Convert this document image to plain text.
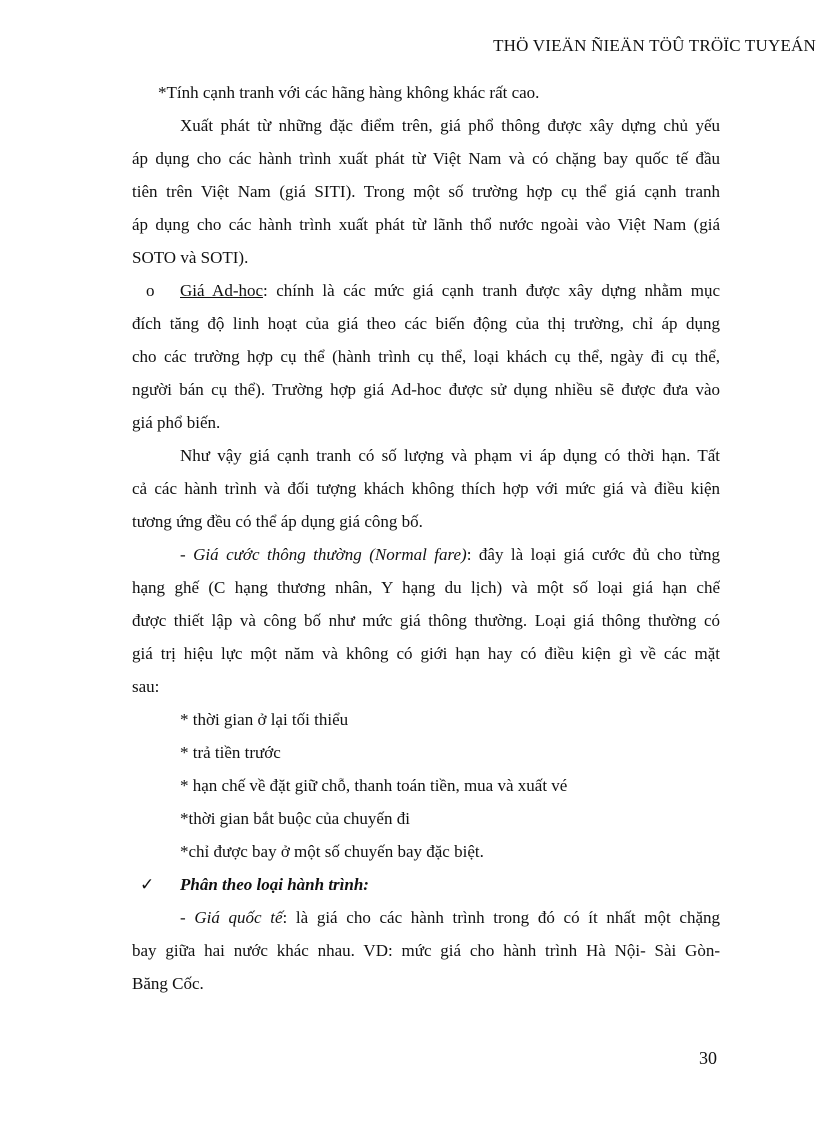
THÖ VIEÄN ÑIEÄN TÖÛ TRÖÏC TUYEÁN
*Tính cạnh tranh với các hãng hàng không khác rất cao.
Xuất phát từ những đặc điểm trên, giá phổ thông được xây dựng chủ yếu
áp dụng cho các hành trình xuất phát từ Việt Nam và có chặng bay quốc tế đầu
tiên trên Việt Nam (giá SITI). Trong một số trường hợp cụ thể giá cạnh tranh
áp dụng cho các hành trình xuất phát từ lãnh thổ nước ngoài vào Việt Nam (giá
SOTO và SOTI).
o Giá Ad-hoc: chính là các mức giá cạnh tranh được xây dựng nhằm mục
đích tăng độ linh hoạt của giá theo các biến động của thị trường, chỉ áp dụng
cho các trường hợp cụ thể (hành trình cụ thể, loại khách cụ thể, ngày đi cụ thể,
người bán cụ thể). Trường hợp giá Ad-hoc được sử dụng nhiều sẽ được đưa vào
giá phổ biến.
Như vậy giá cạnh tranh có số lượng và phạm vi áp dụng có thời hạn. Tất
cả các hành trình và đối tượng khách không thích hợp với mức giá và điều kiện
tương ứng đều có thể áp dụng giá công bố.
- Giá cước thông thường (Normal fare): đây là loại giá cước đủ cho từng
hạng ghế (C hạng thương nhân, Y hạng du lịch) và một số loại giá hạn chế
được thiết lập và công bố như mức giá thông thường. Loại giá thông thường có
giá trị hiệu lực một năm và không có giới hạn hay có điều kiện gì về các mặt
sau:
* thời gian ở lại tối thiểu
* trả tiền trước
* hạn chế về đặt giữ chỗ, thanh toán tiền, mua và xuất vé
*thời gian bắt buộc của chuyến đi
*chỉ được bay ở một số chuyến bay đặc biệt.
✓ Phân theo loại hành trình:
- Giá quốc tế: là giá cho các hành trình trong đó có ít nhất một chặng
bay giữa hai nước khác nhau. VD: mức giá cho hành trình Hà Nội- Sài Gòn-
Băng Cốc.
30
